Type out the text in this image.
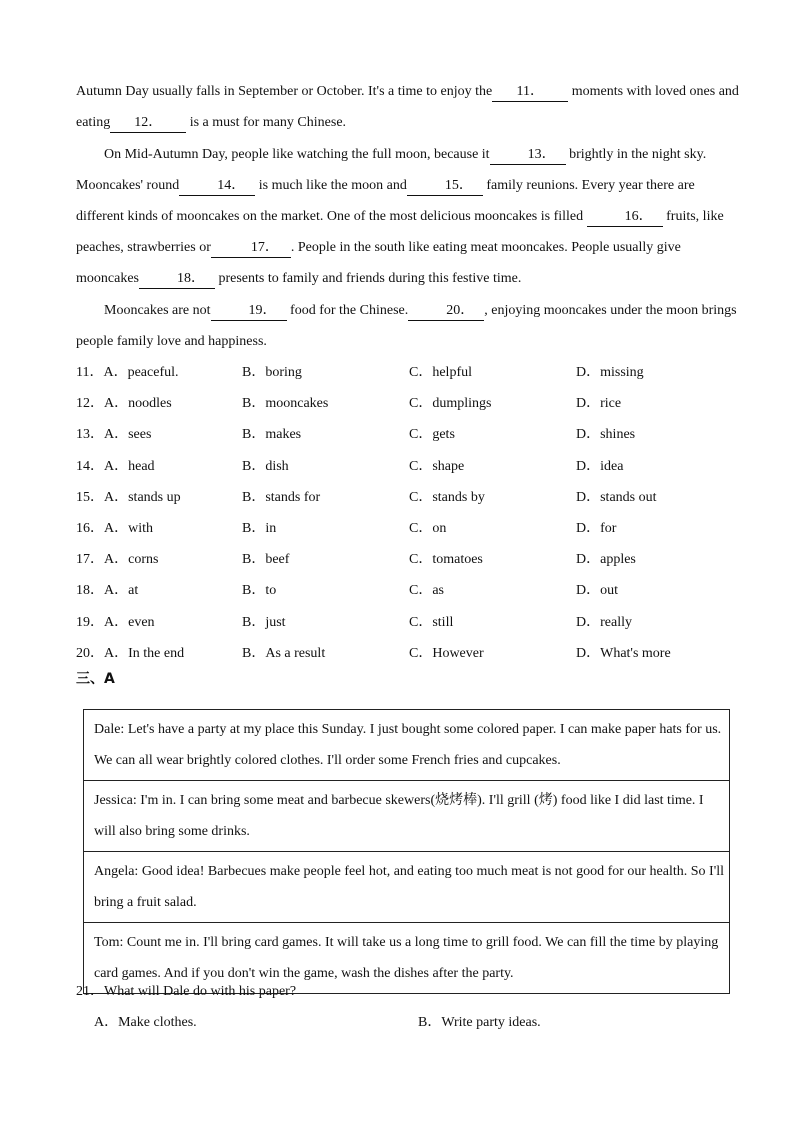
Autumn Day usually falls in September or October. It's a time to enjoy the 11． moments with loved ones and eating 12． is a must for many Chinese.

On Mid-Autumn Day, people like watching the full moon, because it	13． brightly in the night sky. Mooncakes' round	14． is much like the moon and	15． family reunions. Every year there are different kinds of mooncakes on the market. One of the most delicious mooncakes is filled	16． fruits, like peaches, strawberries or	17． . People in the south like eating meat mooncakes. People usually give mooncakes	18． presents to family and friends during this festive time.

Mooncakes are not	19． food for the Chinese.	20． , enjoying mooncakes under the moon brings people family love and happiness.

11．A．peaceful.	B．boring	C．helpful	D．missing
12．A．noodles	B．mooncakes	C．dumplings	D．rice
13．A．sees	B．makes	C．gets	D．shines
14．A．head	B．dish	C．shape	D．idea
15．A．stands up	B．stands for	C．stands by	D．stands out
16．A．with	B．in	C．on	D．for
17．A．corns	B．beef	C．tomatoes	D．apples
18．A．at	B．to	C．as	D．out
19．A．even	B．just	C．still	D．really
20．A．In the end	B．As a result	C．However	D．What's more
三、A
Dale: Let's have a party at my place this Sunday. I just bought some colored paper. I can make paper hats for us. We can all wear brightly colored clothes. I'll order some French fries and cupcakes.
Jessica: I'm in. I can bring some meat and barbecue skewers(烧烤棒). I'll grill (烤) food like I did last time. I will also bring some drinks.
Angela: Good idea! Barbecues make people feel hot, and eating too much meat is not good for our health. So I'll bring a fruit salad.
Tom: Count me in. I'll bring card games. It will take us a long time to grill food. We can fill the time by playing card games. And if you don't win the game, wash the dishes after the party.
21．What will Dale do with his paper?
A．Make clothes.	B．Write party ideas.
